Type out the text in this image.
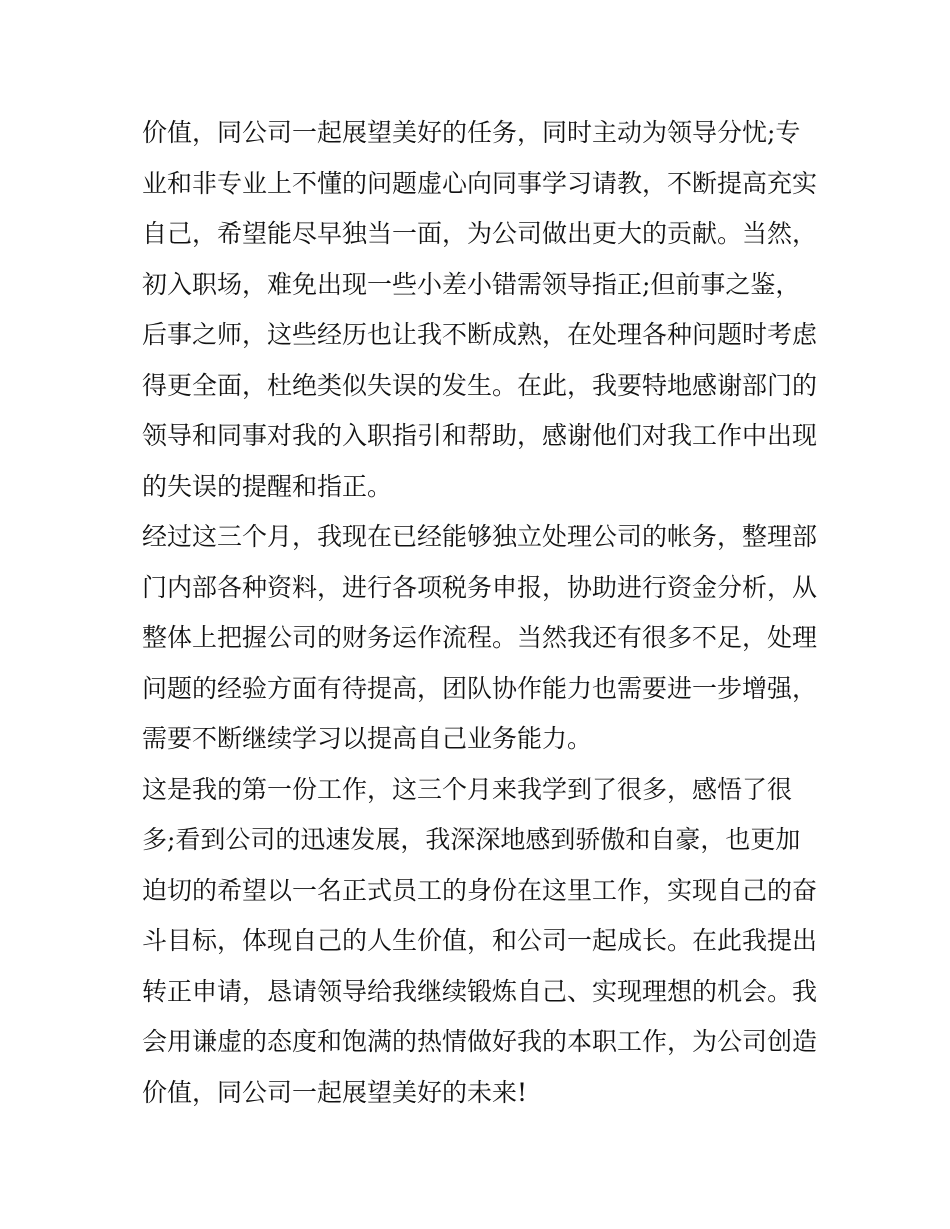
价值，同公司一起展望美好的任务，同时主动为领导分忧;专
业和非专业上不懂的问题虚心向同事学习请教，不断提高充实
自己，希望能尽早独当一面，为公司做出更大的贡献。当然，
初入职场，难免出现一些小差小错需领导指正;但前事之鉴，
后事之师，这些经历也让我不断成熟，在处理各种问题时考虑
得更全面，杜绝类似失误的发生。在此，我要特地感谢部门的
领导和同事对我的入职指引和帮助，感谢他们对我工作中出现
的失误的提醒和指正。
经过这三个月，我现在已经能够独立处理公司的帐务，整理部
门内部各种资料，进行各项税务申报，协助进行资金分析，从
整体上把握公司的财务运作流程。当然我还有很多不足，处理
问题的经验方面有待提高，团队协作能力也需要进一步增强，
需要不断继续学习以提高自己业务能力。
这是我的第一份工作，这三个月来我学到了很多，感悟了很
多;看到公司的迅速发展，我深深地感到骄傲和自豪，也更加
迫切的希望以一名正式员工的身份在这里工作，实现自己的奋
斗目标，体现自己的人生价值，和公司一起成长。在此我提出
转正申请，恳请领导给我继续锻炼自己、实现理想的机会。我
会用谦虚的态度和饱满的热情做好我的本职工作，为公司创造
价值，同公司一起展望美好的未来!
